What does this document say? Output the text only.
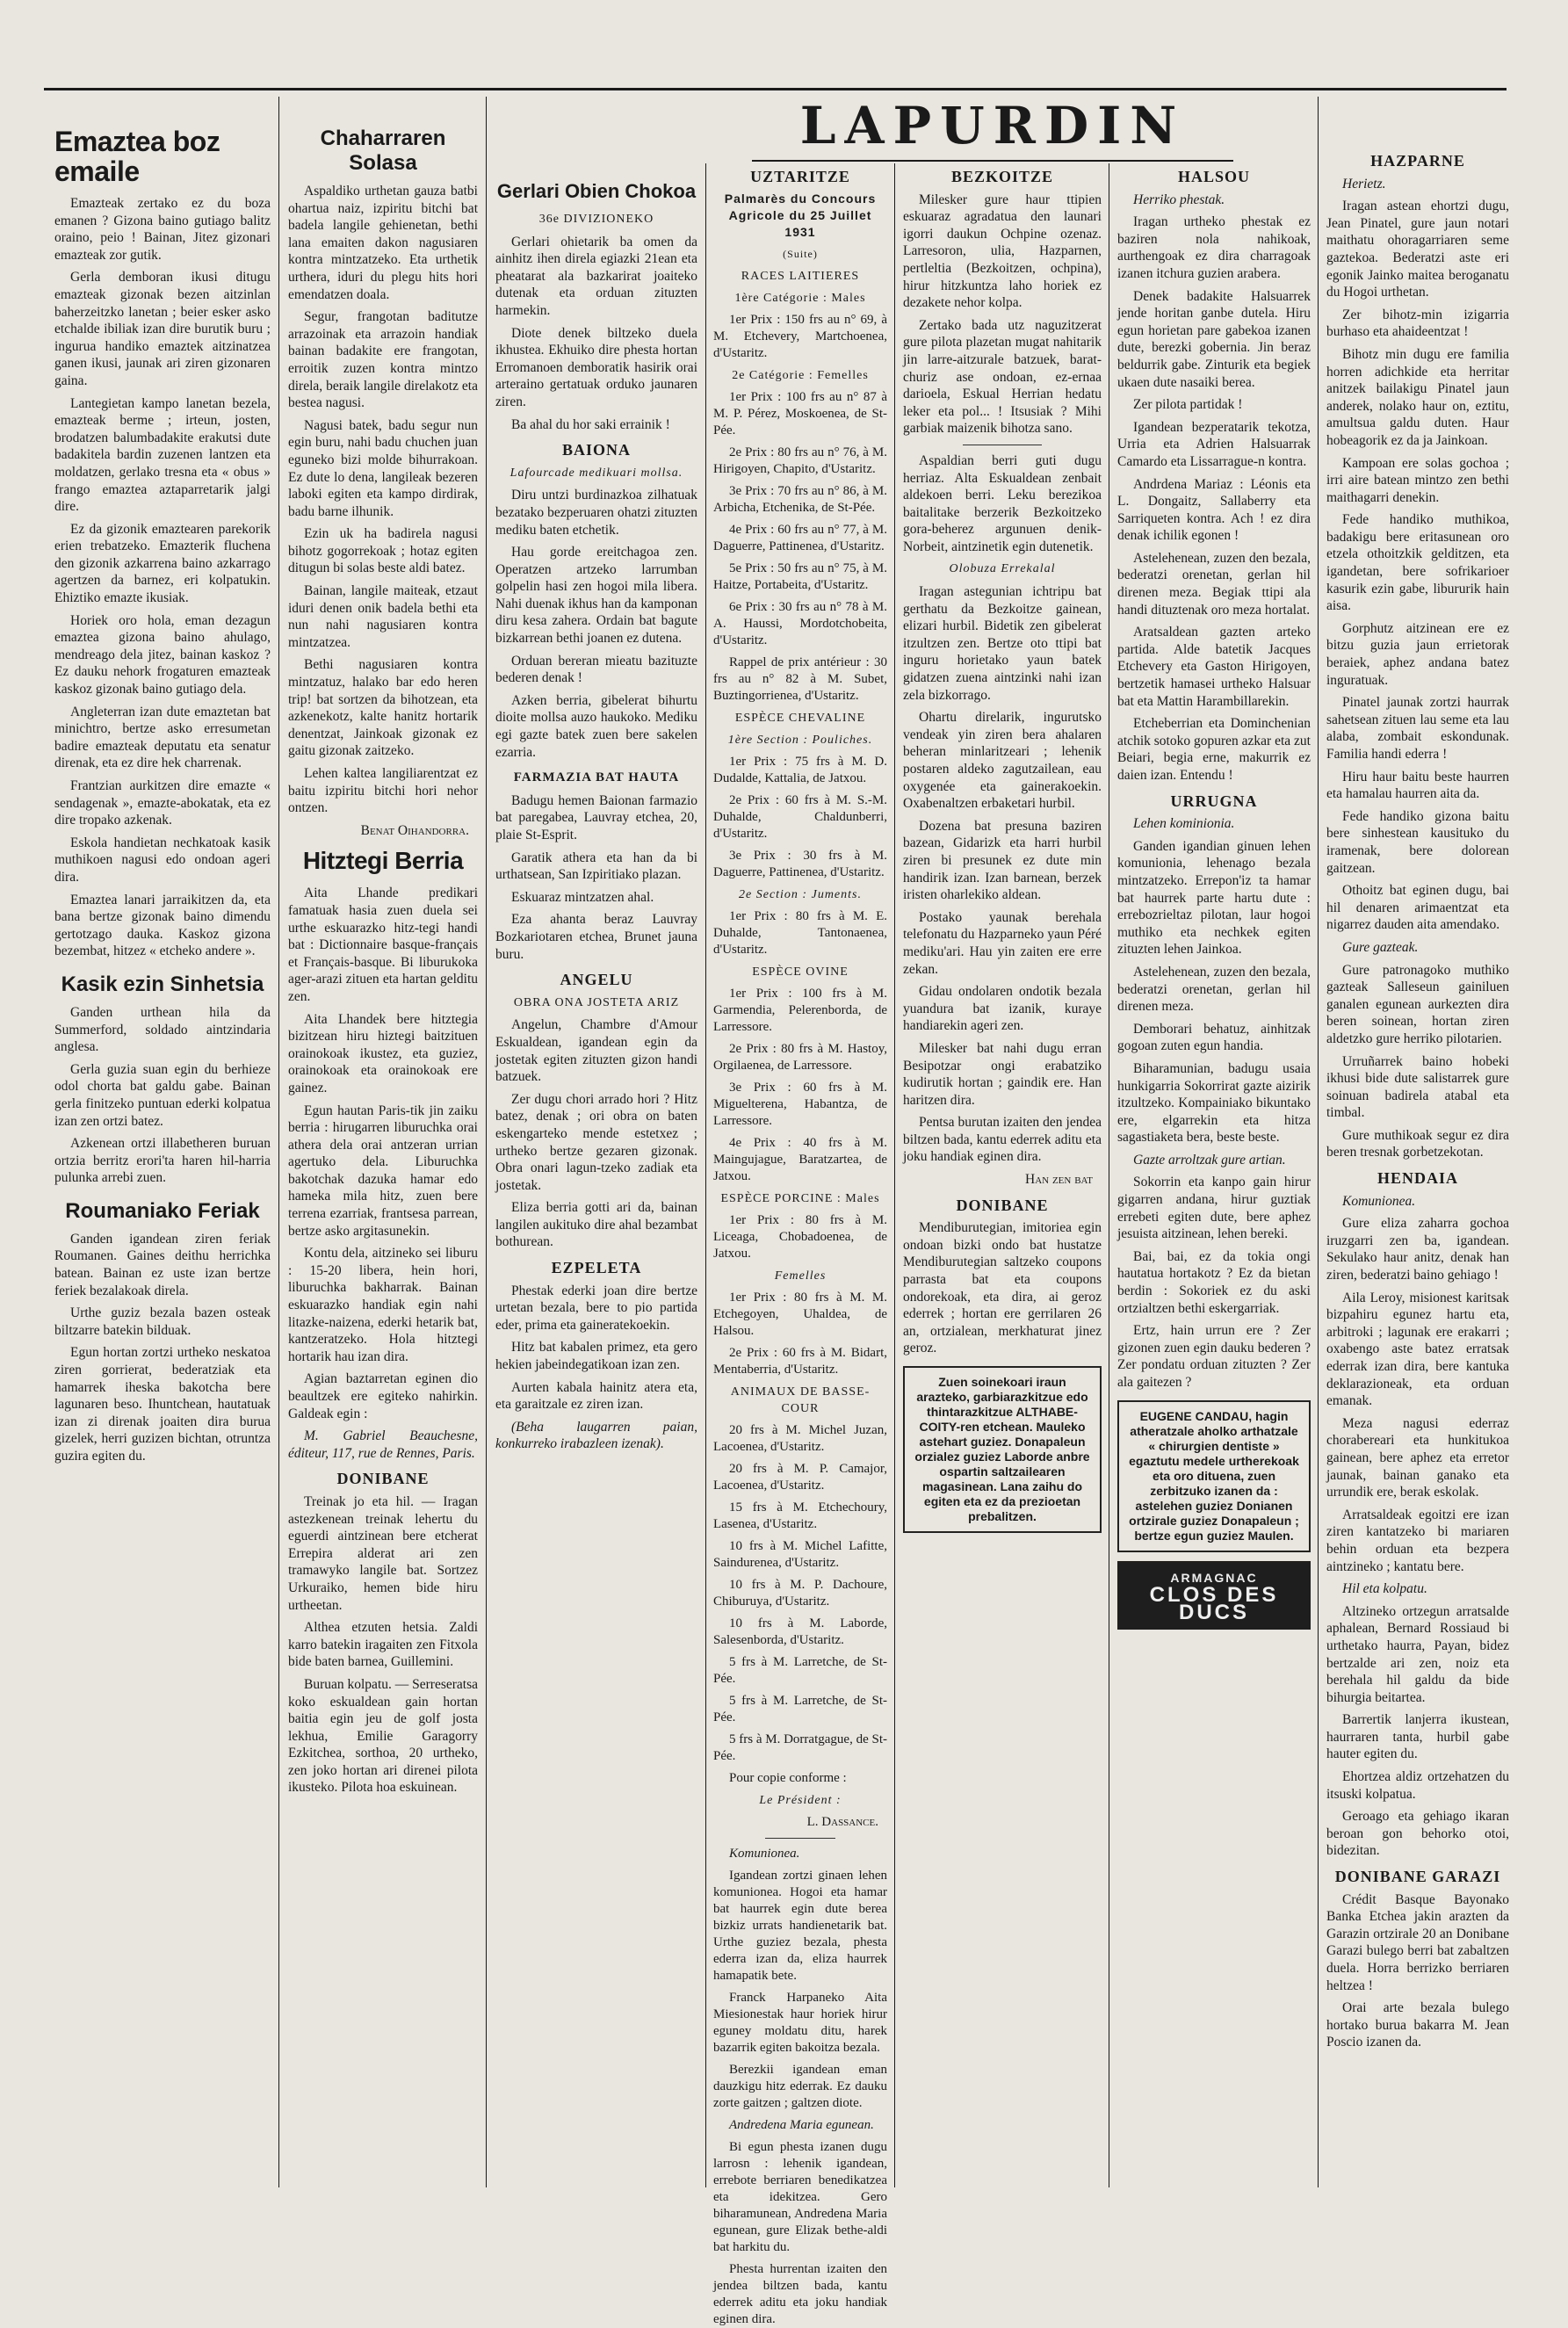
LAPURDIN
Emaztea boz emaile

Emazteak zertako ez du boza emanen ? Gizona baino gutiago balitz oraino, peio ! Bainan, Jitez gizonari emazteak zor gutik.

Gerla demboran ikusi ditugu emazteak gizonak bezen aitzinlan baherzeitzko lanetan ; beier esker asko etchalde ibiliak izan dire burutik buru ; ingurua handiko emaztek aitzinatzea ganen ikusi, jaunak ari ziren gizonaren gaina.

Lantegietan kampo lanetan bezela, emazteak berme ; irteun, josten, brodatzen balumbadakite erakutsi dute badakitela bardin zuzenen lantzen eta moldatzen, gerlako tresna eta « obus » frango emaztea aztaparretarik jalgi dire.

Ez da gizonik emaztearen parekorik erien trebatzeko. Emazterik fluchena den gizonik azkarrena baino azkarrago agertzen da barnez, eri kolpatukin. Ehiztiko emazte ikusiak.

Horiek oro hola, eman dezagun emaztea gizona baino ahulago, mendreago dela jitez, bainan kaskoz ? Ez dauku nehork frogaturen emazteak kaskoz gizonak baino gutiago dela.

Angleterran izan dute emaztetan bat minichtro, bertze asko erresumetan badire emazteak deputatu eta senatur direnak, eta ez dire hek charrenak.

Frantzian aurkitzen dire emazte « sendagenak », emazte-abokatak, eta ez dire tropako azkenak.

Eskola handietan nechkatoak kasik muthikoen nagusi edo ondoan ageri dira.

Emaztea lanari jarraikitzen da, eta bana bertze gizonak baino dimendu gertotzago dauka. Kaskoz gizona bezembat, hitzez « etcheko andere ».

Kasik ezin Sinhetsia

Ganden urthean hila da Summerford, soldado aintzindaria anglesa.

Gerla guzia suan egin du berhieze odol chorta bat galdu gabe. Bainan gerla finitzeko puntuan ederki kolpatua izan zen ortzi batez.

Azkenean ortzi illabetheren buruan ortzia berritz erori'ta haren hil-harria pulunka arrebi zuen.

Roumaniako Feriak

Ganden igandean ziren feriak Roumanen. Gaines deithu herrichka batean. Bainan ez uste izan bertze feriek bezalakoak direla.

Urthe guziz bezala bazen osteak biltzarre batekin bilduak.

Egun hortan zortzi urtheko neskatoa ziren gorrierat, bederatziak eta hamarrek iheska bakotcha bere lagunaren beso. Ihuntchean, hautatuak izan zi direnak joaiten dira burua gizelek, herri guzizen bichtan, otruntza guzira egiten du.

Chaharraren Solasa

Aspaldiko urthetan gauza batbi ohartua naiz, izpiritu bitchi bat badela langile gehienetan, bethi lana emaiten dakon nagusiaren kontra mintzatzeko. Eta urthetik urthera, iduri du plegu hits hori emendatzen doala.

Segur, frangotan baditutze arrazoinak eta arrazoin handiak bainan badakite ere frangotan, erroitik zuzen kontra mintzo direla, beraik langile direlakotz eta bestea nagusi.

Nagusi batek, badu segur nun egin buru, nahi badu chuchen juan eguneko bizi molde bihurrakoan. Ez dute lo dena, langileak bezeren laboki egiten eta kampo dirdirak, badu barne ilhunik.

Ezin uk ha badirela nagusi bihotz gogorrekoak ; hotaz egiten ditugun bi solas beste aldi batez.

Bainan, langile maiteak, etzaut iduri denen onik badela bethi eta nun nahi nagusiaren kontra mintzatzea.

Bethi nagusiaren kontra mintzatuz, halako bar edo heren trip! bat sortzen da bihotzean, eta azkenekotz, kalte hanitz hortarik denentzat, Jainkoak gizonak ez gaitu gizonak zaitzeko.

Lehen kaltea langiliarentzat ez baitu izpiritu bitchi hori nehor ontzen.

Benat Oihandorra.
Hitztegi Berria

Aita Lhande predikari famatuak hasia zuen duela sei urthe eskuarazko hitz-tegi handi bat : Dictionnaire basque-français et Français-basque. Bi liburukoka ager-arazi zituen eta hartan gelditu zen.

Aita Lhandek bere hitztegia bizitzean hiru hiztegi baitzituen orainokoak ikustez, eta guziez, orainokoak eta orainokoak ere gainez.

Egun hautan Paris-tik jin zaiku berria : hirugarren liburuchka orai athera dela orai antzeran urrian agertuko dela. Liburuchka bakotchak dazuka hamar edo hameka mila hitz, zuen bere terrena ezarriak, frantsesa parrean, bertze asko argitasunekin.

Kontu dela, aitzineko sei liburu : 15-20 libera, hein hori, liburuchka bakharrak. Bainan eskuarazko handiak egin nahi litazke-naizena, ederki hetarik bat, kantzeratzeko. Hola hitztegi hortarik hau izan dira.

Agian baztarretan eginen dio beaultzek ere egiteko nahirkin. Galdeak egin :

M. Gabriel Beauchesne, éditeur, 117, rue de Rennes, Paris.

DONIBANE

Treinak jo eta hil. — Iragan astezkenean treinak lehertu du eguerdi aintzinean bere etcherat Errepira alderat ari zen tramawyko langile bat. Sortzez Urkuraiko, hemen bide hiru urtheetan.

Althea etzuten hetsia. Zaldi karro batekin iragaiten zen Fitxola bide baten barnea, Guillemini.

Buruan kolpatu. — Serreseratsa koko eskualdean gain hortan baitia egin jeu de golf josta lekhua, Emilie Garagorry Ezkitchea, sorthoa, 20 urtheko, zen joko hortan ari direnei pilota ikusteko. Pilota hoa eskuinean.

Gerlari Obien Chokoa
36e DIVIZIONEKO

Gerlari ohietarik ba omen da ainhitz ihen direla egiazki 21ean eta pheatarat ala bazkarirat joaiteko dutenak eta orduan zituzten harmekin.

Diote denek biltzeko duela ikhustea. Ekhuiko dire phesta hortan Erromanoen demboratik hasirik orai arteraino gertatuak orduko jaunaren ziren.

Ba ahal du hor saki errainik !

BAIONA
Lafourcade medikuari mollsa.

Diru untzi burdinazkoa zilhatuak bezatako bezperuaren ohatzi zituzten mediku baten etchetik.

Hau gorde ereitchagoa zen. Operatzen artzeko larrumban golpelin hasi zen hogoi mila libera. Nahi duenak ikhus han da kamponan diru kesa zahera. Ordain bat bagute bizkarrean bethi joanen ez dutena.

Orduan bereran mieatu bazituzte bederen denak !

Azken berria, gibelerat bihurtu dioite mollsa auzo haukoko. Mediku egi gazte batek zuen bere sakelen ezarria.

FARMAZIA BAT HAUTA

Badugu hemen Baionan farmazio bat paregabea, Lauvray etchea, 20, plaie St-Esprit.

Garatik athera eta han da bi urthatsean, San Izpiritiako plazan.

Eskuaraz mintzatzen ahal.

Eza ahanta beraz Lauvray Bozkariotaren etchea, Brunet jauna buru.

ANGELU
OBRA ONA JOSTETA ARIZ

Angelun, Chambre d'Amour Eskualdean, igandean egin da jostetak egiten zituzten gizon handi batzuek.

Zer dugu chori arrado hori ? Hitz batez, denak ; ori obra on baten eskengarteko mende estetxez ; urtheko bertze gezaren gizonak. Obra onari lagun-tzeko zadiak eta jostetak.

Eliza berria gotti ari da, bainan langilen aukituko dire ahal bezambat bothurean.

EZPELETA

Phestak ederki joan dire bertze urtetan bezala, bere to pio partida eder, prima eta gaineratekoekin.

Hitz bat kabalen primez, eta gero hekien jabeindegatikoan izan zen.

Aurten kabala hainitz atera eta, eta garaitzale ez ziren izan.

(Beha laugarren paian, konkurreko irabazleen izenak).

UZTARITZE
Palmarès du Concours Agricole du 25 Juillet 1931
(Suite)
RACES LAITIERES
1ère Catégorie : Males

1er Prix : 150 frs au n° 69, à M. Etchevery, Martchoenea, d'Ustaritz.

2e Catégorie : Femelles

1er Prix : 100 frs au n° 87 à M. P. Pérez, Moskoenea, de St-Pée.

2e Prix : 80 frs au n° 76, à M. Hirigoyen, Chapito, d'Ustaritz.

3e Prix : 70 frs au n° 86, à M. Arbicha, Etchenika, de St-Pée.

4e Prix : 60 frs au n° 77, à M. Daguerre, Pattinenea, d'Ustaritz.

5e Prix : 50 frs au n° 75, à M. Haitze, Portabeita, d'Ustaritz.

6e Prix : 30 frs au n° 78 à M. A. Haussi, Mordotchobeita, d'Ustaritz.

Rappel de prix antérieur : 30 frs au n° 82 à M. Subet, Buztingorrienea, d'Ustaritz.

ESPÈCE CHEVALINE
1ère Section : Pouliches.

1er Prix : 75 frs à M. D. Dudalde, Kattalia, de Jatxou.

2e Prix : 60 frs à M. S.-M. Duhalde, Chaldunberri, d'Ustaritz.

3e Prix : 30 frs à M. Daguerre, Pattinenea, d'Ustaritz.

2e Section : Juments.

1er Prix : 80 frs à M. E. Duhalde, Tantonaenea, d'Ustaritz.

ESPÈCE OVINE

1er Prix : 100 frs à M. Garmendia, Pelerenborda, de Larressore.

2e Prix : 80 frs à M. Hastoy, Orgilaenea, de Larressore.

3e Prix : 60 frs à M. Miguelterena, Habantza, de Larressore.

4e Prix : 40 frs à M. Maingujague, Baratzartea, de Jatxou.

ESPÈCE PORCINE : Males

1er Prix : 80 frs à M. Liceaga, Chobadoenea, de Jatxou.

Femelles

1er Prix : 80 frs à M. M. Etchegoyen, Uhaldea, de Halsou.

2e Prix : 60 frs à M. Bidart, Mentaberria, d'Ustaritz.

ANIMAUX DE BASSE-COUR

20 frs à M. Michel Juzan, Lacoenea, d'Ustaritz.

20 frs à M. P. Camajor, Lacoenea, d'Ustaritz.

15 frs à M. Etchechoury, Lasenea, d'Ustaritz.

10 frs à M. Michel Lafitte, Saindurenea, d'Ustaritz.

10 frs à M. P. Dachoure, Chiburuya, d'Ustaritz.

10 frs à M. Laborde, Salesenborda, d'Ustaritz.

5 frs à M. Larretche, de St-Pée.

5 frs à M. Larretche, de St-Pée.

5 frs à M. Dorratgague, de St-Pée.

Pour copie conforme :

Le Président :
L. Dassance.

Komunionea.

Igandean zortzi ginaen lehen komunionea. Hogoi eta hamar bat haurrek egin dute berea bizkiz urrats handienetarik bat. Urthe guziez bezala, phesta ederra izan da, eliza haurrek hamapatik bete.

Franck Harpaneko Aita Miesionestak haur horiek hirur eguney moldatu ditu, harek bazarrik egiten bakoitza bezala.

Berezkii igandean eman dauzkigu hitz ederrak. Ez dauku zorte gaitzen ; galtzen diote.

Andredena Maria egunean.

Bi egun phesta izanen dugu larrosn : lehenik igandean, errebote berriaren benedikatzea eta idekitzea. Gero biharamunean, Andredena Maria egunean, gure Elizak bethe-aldi bat harkitu du.

Phesta hurrentan izaiten den jendea biltzen bada, kantu ederrek aditu eta joku handiak eginen dira.

BEZKOITZE

Milesker gure haur ttipien eskuaraz agradatua den launari igorri daukun Ochpine ozenaz. Larresoron, ulia, Hazparnen, pertleltia (Bezkoitzen, ochpina), hirur hitzkuntza laho horiek ez dezakete nehor kolpa.

Zertako bada utz naguzitzerat gure pilota plazetan mugat nahitarik jin larre-aitzurale batzuek, barat-churiz ase ondoan, ez-ernaa darioela, Eskual Herrian hedatu leker eta pol... ! Itsusiak ? Mihi garbiak maizenik bihotza sano.

Aspaldian berri guti dugu herriaz. Alta Eskualdean zenbait aldekoen berri. Leku berezikoa baitalitake berzerik Bezkoitzeko gora-beherez argunuen denik-Norbeit, aintzinetik egin dutenetik.

Olobuza Errekalal

Iragan astegunian ichtripu bat gerthatu da Bezkoitze gainean, elizari hurbil. Bidetik zen gibelerat itzultzen zen. Bertze oto ttipi bat inguru horietako yaun batek gidatzen zuena aintzinki nahi izan zela bizkorrago.

Ohartu direlarik, ingurutsko vendeak yin ziren bera ahalaren beheran minlaritzeari ; lehenik postaren aldeko zagutzailean, eau oxygenée eta gainerakoekin. Oxabenaltzen erbaketari hurbil.

Dozena bat presuna baziren bazean, Gidarizk eta harri hurbil ziren bi presunek ez dute min handirik izan. Izan barnean, berzek iristen oharlekiko aldean.

Postako yaunak berehala telefonatu du Hazparneko yaun Péré mediku'ari. Hau yin zaiten ere erre zekan.

Gidau ondolaren ondotik bezala yuandura bat izanik, kuraye handiarekin ageri zen.

Milesker bat nahi dugu erran Besipotzar ongi erabatziko kudirutik hortan ; gaindik ere. Han haritzen dira.

Pentsa burutan izaiten den jendea biltzen bada, kantu ederrek aditu eta joku handiak eginen dira.

Han zen bat
DONIBANE

Mendiburutegian, imitoriea egin ondoan bizki ondo bat hustatze Mendiburutegian saltzeko coupons parrasta bat eta coupons ondorekoak, eta dira, ai geroz ederrek ; hortan ere gerrilaren 26 an, ortzialean, merkhaturat jinez geroz.

Zuen soinekoari iraun arazteko, garbiarazkitzue edo thintarazkitzue ALTHABE-COITY-ren etchean. Mauleko astehart guziez. Donapaleun orzialez guziez Laborde anbre ospartin saltzailearen magasinean. Lana zaihu do egiten eta ez da prezioetan prebalitzen.
HALSOU

Herriko phestak.

Iragan urtheko phestak ez baziren nola nahikoak, aurthengoak ez dira charragoak izanen itchura guzien arabera.

Denek badakite Halsuarrek jende horitan ganbe dutela. Hiru egun horietan pare gabekoa izanen dute, berezki gobernia. Jin beraz beldurrik gabe. Zinturik eta begiek ukaen dute nasaiki berea.

Zer pilota partidak !

Igandean bezperatarik tekotza, Urria eta Adrien Halsuarrak Camardo eta Lissarrague-n kontra.

Andrdena Mariaz : Léonis eta L. Dongaitz, Sallaberry eta Sarriqueten kontra. Ach ! ez dira denak ichilik egonen !

Astelehenean, zuzen den bezala, bederatzi orenetan, gerlan hil direnen meza. Begiak ttipi ala handi dituztenak oro meza hortalat.

Aratsaldean gazten arteko partida. Alde batetik Jacques Etchevery eta Gaston Hirigoyen, bertzetik hamasei urtheko Halsuar bat eta Mattin Harambillarekin.

Etcheberrian eta Dominchenian atchik sotoko gopuren azkar eta zut Beiari, begia erne, makurrik ez daien izan. Entendu !

URRUGNA

Lehen kominionia.

Ganden igandian ginuen lehen komunionia, lehenago bezala mintzatzeko. Errepon'iz ta hamar bat haurrek parte hartu dute : errebozrieltaz pilotan, laur hogoi muthiko eta nechkek egiten zituzten lehen Jainkoa.

Astelehenean, zuzen den bezala, bederatzi orenetan, gerlan hil direnen meza.

Demborari behatuz, ainhitzak gogoan zuten egun handia.

Biharamunian, badugu usaia hunkigarria Sokorrirat gazte aizirik itzultzeko. Kompainiako bikuntako ere, elgarrekin eta hitza sagastiaketa bera, beste beste.

Gazte arroltzak gure artian.

Sokorrin eta kanpo gain hirur gigarren andana, hirur guztiak errebeti egiten dute, bere aphez jesuista aitzinean, lehen bereki.

Bai, bai, ez da tokia ongi hautatua hortakotz ? Ez da bietan berdin : Sokoriek ez du aski ortzialtzen bethi eskergarriak.

Ertz, hain urrun ere ? Zer gizonen zuen egin dauku bederen ? Zer pondatu orduan zituzten ? Zer ala gaitezen ?

EUGENE CANDAU, hagin atheratzale aholko arthatzale « chirurgien dentiste » egaztutu medele urtherekoak eta oro dituena, zuen zerbitzuko izanen da : astelehen guziez Donianen ortzirale guziez Donapaleun ; bertze egun guziez Maulen.
ARMAGNAC
CLOS DES DUCS
HAZPARNE

Herietz.

Iragan astean ehortzi dugu, Jean Pinatel, gure jaun notari maithatu ohoragarriaren seme gaztekoa. Bederatzi aste eri egonik Jainko maitea beroganatu du Hogoi urthetan.

Zer bihotz-min izigarria burhaso eta ahaideentzat !

Bihotz min dugu ere familia horren adichkide eta herritar anitzek bailakigu Pinatel jaun anderek, nolako haur on, eztitu, amultsua galdu duten. Haur hobeagorik ez da ja Jainkoan.

Kampoan ere solas gochoa ; irri aire batean mintzo zen bethi maithagarri denekin.

Fede handiko muthikoa, badakigu bere eritasunean oro etzela othoitzkik gelditzen, eta igandetan, bere sofrikarioer kasurik ezin gabe, libururik hain aisa.

Gorphutz aitzinean ere ez bitzu guzia jaun errietorak beraiek, aphez andana batez inguratuak.

Pinatel jaunak zortzi haurrak sahetsean zituen lau seme eta lau alaba, zombait eskondunak. Familia handi ederra !

Hiru haur baitu beste haurren eta hamalau haurren aita da.

Fede handiko gizona baitu bere sinhestean kausituko du iramenak, bere dolorean gaitzean.

Othoitz bat eginen dugu, bai hil denaren arimaentzat eta nigarrez dauden aita amendako.

Gure gazteak.

Gure patronagoko muthiko gazteak Salleseun gainiluen ganalen egunean aurkezten dira beren soinean, hortan ziren aldetzko gure herriko pilotarien.

Urruñarrek baino hobeki ikhusi bide dute salistarrek gure soinuan badirela atabal eta timbal.

Gure muthikoak segur ez dira beren tresnak gorbetzekotan.

HENDAIA

Komunionea.

Gure eliza zaharra gochoa iruzgarri zen ba, igandean. Sekulako haur anitz, denak han ziren, bederatzi baino gehiago !

Aila Leroy, misionest karitsak bizpahiru egunez hartu eta, arbitroki ; lagunak ere erakarri ; oxabengo aste batez erratsak ederrak izan dira, bere kantuka deklarazioneak, eta orduan emanak.

Meza nagusi ederraz chorabereari eta hunkitukoa gainean, bere aphez eta erretor jaunak, bainan ganako eta urrundik ere, berak eskolak.

Arratsaldeak egoitzi ere izan ziren kantatzeko bi mariaren behin orduan eta bezpera aintzineko ; kantatu bere.

Hil eta kolpatu.

Altzineko ortzegun arratsalde aphalean, Bernard Rossiaud bi urthetako haurra, Payan, bidez bertzalde ari zen, noiz eta berehala hil galdu da bide bihurgia beitartea.

Barrertik lanjerra ikustean, haurraren tanta, hurbil gabe hauter egiten du.

Ehortzea aldiz ortzehatzen du itsuski kolpatua.

Geroago eta gehiago ikaran beroan gon behorko otoi, bidezitan.

DONIBANE GARAZI

Crédit Basque Bayonako Banka Etchea jakin arazten da Garazin ortzirale 20 an Donibane Garazi bulego berri bat zabaltzen duela. Horra berrizko berriaren heltzea !

Orai arte bezala bulego hortako burua bakarra M. Jean Poscio izanen da.
